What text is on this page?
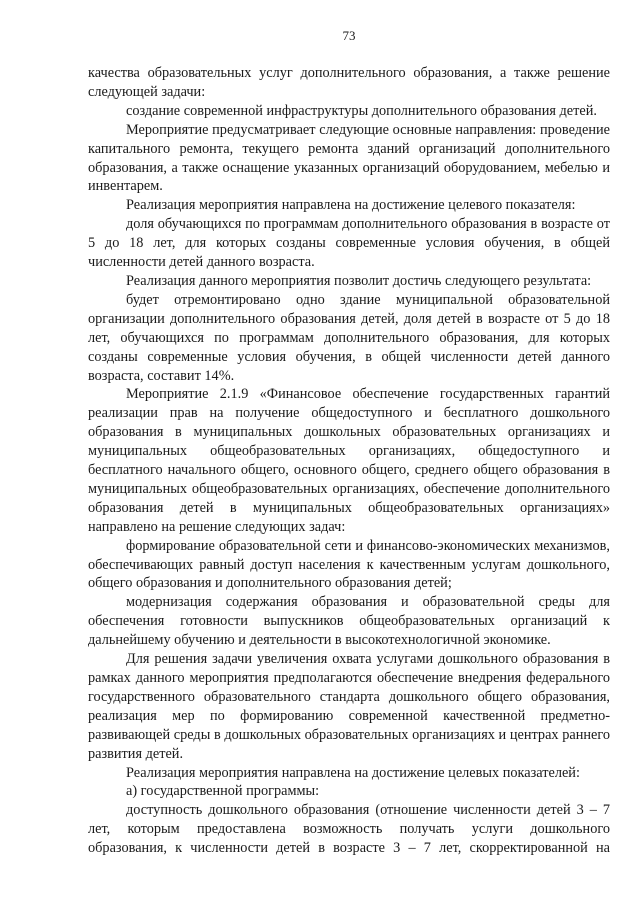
73

качества образовательных услуг дополнительного образования, а также решение следующей задачи:

создание современной инфраструктуры дополнительного образования детей.

Мероприятие предусматривает следующие основные направления: проведение капитального ремонта, текущего ремонта зданий организаций дополнительного образования, а также оснащение указанных организаций оборудованием, мебелью и инвентарем.

Реализация мероприятия направлена на достижение целевого показателя:

доля обучающихся по программам дополнительного образования в возрасте от 5 до 18 лет, для которых созданы современные условия обучения, в общей численности детей данного возраста.

Реализация данного мероприятия позволит достичь следующего результата:

будет отремонтировано одно здание муниципальной образовательной организации дополнительного образования детей, доля детей в возрасте от 5 до 18 лет, обучающихся по программам дополнительного образования, для которых созданы современные условия обучения, в общей численности детей данного возраста, составит 14%.

Мероприятие 2.1.9 «Финансовое обеспечение государственных гарантий реализации прав на получение общедоступного и бесплатного дошкольного образования в муниципальных дошкольных образовательных организациях и муниципальных общеобразовательных организациях, общедоступного и бесплатного начального общего, основного общего, среднего общего образования в муниципальных общеобразовательных организациях, обеспечение дополнительного образования детей в муниципальных общеобразовательных организациях» направлено на решение следующих задач:

формирование образовательной сети и финансово-экономических механизмов, обеспечивающих равный доступ населения к качественным услугам дошкольного, общего образования и дополнительного образования детей;

модернизация содержания образования и образовательной среды для обеспечения готовности выпускников общеобразовательных организаций к дальнейшему обучению и деятельности в высокотехнологичной экономике.

Для решения задачи увеличения охвата услугами дошкольного образования в рамках данного мероприятия предполагаются обеспечение внедрения федерального государственного образовательного стандарта дошкольного общего образования, реализация мер по формированию современной качественной предметно-развивающей среды в дошкольных образовательных организациях и центрах раннего развития детей.

Реализация мероприятия направлена на достижение целевых показателей:

а) государственной программы:

доступность дошкольного образования (отношение численности детей 3 – 7 лет, которым предоставлена возможность получать услуги дошкольного образования, к численности детей в возрасте 3 – 7 лет, скорректированной на
